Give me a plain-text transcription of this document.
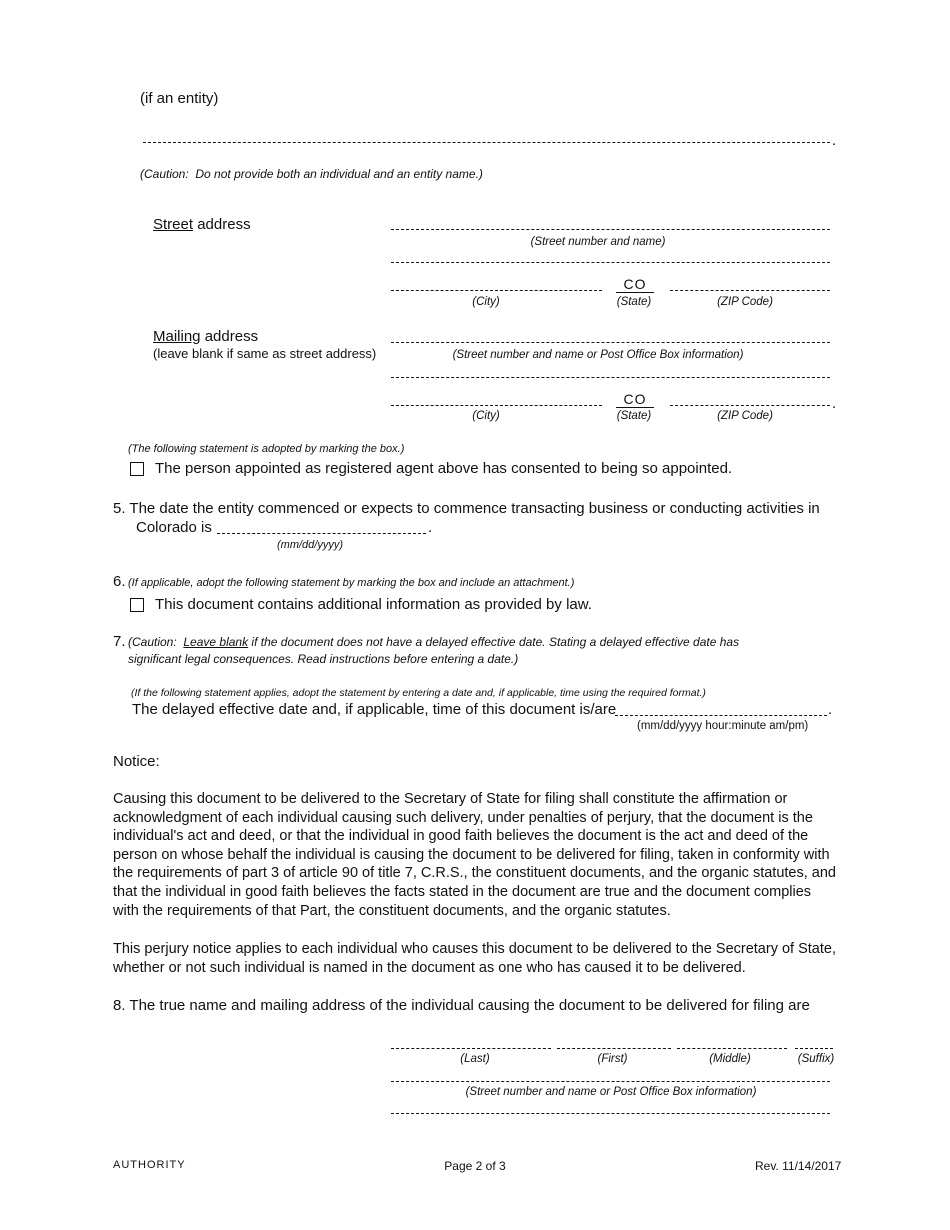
(if an entity)
.
(Caution: Do not provide both an individual and an entity name.)
Street address
(Street number and name)
CO
(City)	(State)	(ZIP Code)
Mailing address
(leave blank if same as street address)	(Street number and name or Post Office Box information)
CO	.
(City)	(State)	(ZIP Code)
(The following statement is adopted by marking the box.)
The person appointed as registered agent above has consented to being so appointed.
5. The date the entity commenced or expects to commence transacting business or conducting activities in
Colorado is	.
(mm/dd/yyyy)
6. (If applicable, adopt the following statement by marking the box and include an attachment.)
This document contains additional information as provided by law.
7. (Caution: Leave blank if the document does not have a delayed effective date. Stating a delayed effective date has
significant legal consequences. Read instructions before entering a date.)
(If the following statement applies, adopt the statement by entering a date and, if applicable, time using the required format.)
The delayed effective date and, if applicable, time of this document is/are	.
(mm/dd/yyyy hour:minute am/pm)
Notice:
Causing this document to be delivered to the Secretary of State for filing shall constitute the affirmation or acknowledgment of each individual causing such delivery, under penalties of perjury, that the document is the individual's act and deed, or that the individual in good faith believes the document is the act and deed of the person on whose behalf the individual is causing the document to be delivered for filing, taken in conformity with the requirements of part 3 of article 90 of title 7, C.R.S., the constituent documents, and the organic statutes, and that the individual in good faith believes the facts stated in the document are true and the document complies with the requirements of that Part, the constituent documents, and the organic statutes.
This perjury notice applies to each individual who causes this document to be delivered to the Secretary of State, whether or not such individual is named in the document as one who has caused it to be delivered.
8. The true name and mailing address of the individual causing the document to be delivered for filing are
(Last)	(First)	(Middle)	(Suffix)
(Street number and name or Post Office Box information)
AUTHORITY	Page 2 of 3	Rev. 11/14/2017
